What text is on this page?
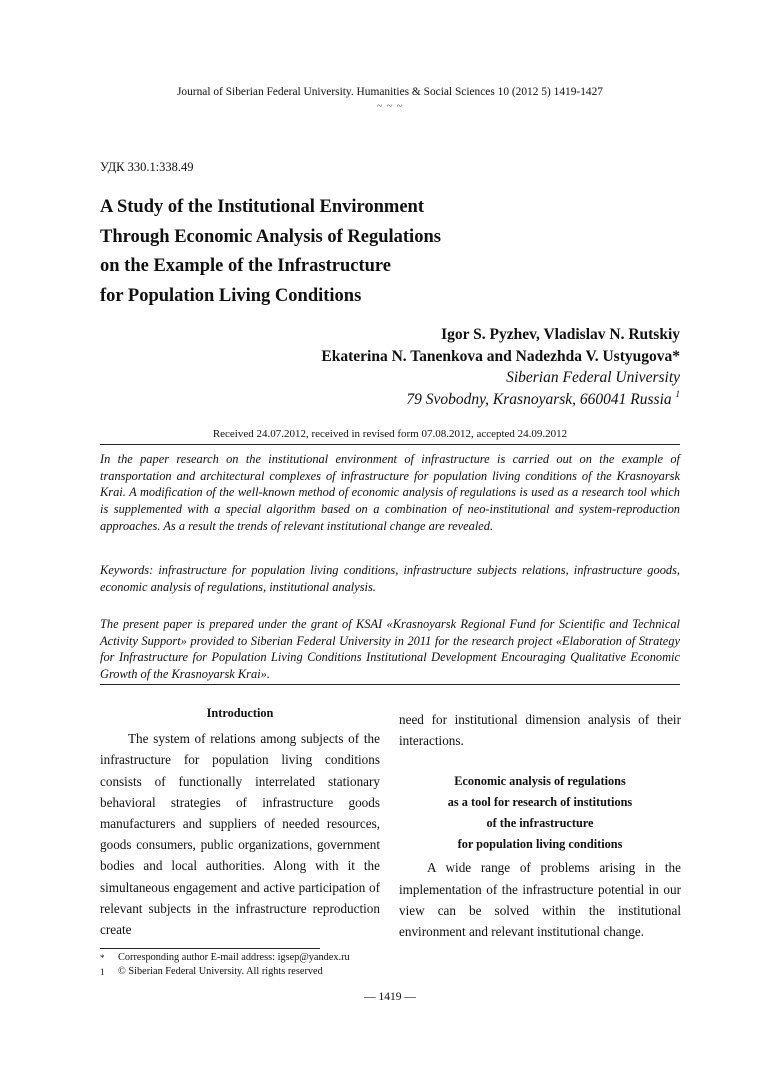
Journal of Siberian Federal University. Humanities & Social Sciences 10 (2012 5) 1419-1427
~ ~ ~
УДК 330.1:338.49
A Study of the Institutional Environment
Through Economic Analysis of Regulations
on the Example of the Infrastructure
for Population Living Conditions
Igor S. Pyzhev, Vladislav N. Rutskiy
Ekaterina N. Tanenkova and Nadezhda V. Ustyugova*
Siberian Federal University
79 Svobodny, Krasnoyarsk, 660041 Russia $^1$
Received 24.07.2012, received in revised form 07.08.2012, accepted 24.09.2012
In the paper research on the institutional environment of infrastructure is carried out on the example of transportation and architectural complexes of infrastructure for population living conditions of the Krasnoyarsk Krai. A modification of the well-known method of economic analysis of regulations is used as a research tool which is supplemented with a special algorithm based on a combination of neo-institutional and system-reproduction approaches. As a result the trends of relevant institutional change are revealed.
Keywords: infrastructure for population living conditions, infrastructure subjects relations, infrastructure goods, economic analysis of regulations, institutional analysis.
The present paper is prepared under the grant of KSAI «Krasnoyarsk Regional Fund for Scientific and Technical Activity Support» provided to Siberian Federal University in 2011 for the research project «Elaboration of Strategy for Infrastructure for Population Living Conditions Institutional Development Encouraging Qualitative Economic Growth of the Krasnoyarsk Krai».
Introduction

The system of relations among subjects of the infrastructure for population living conditions consists of functionally interrelated stationary behavioral strategies of infrastructure goods manufacturers and suppliers of needed resources, goods consumers, public organizations, government bodies and local authorities. Along with it the simultaneous engagement and active participation of relevant subjects in the infrastructure reproduction create

need for institutional dimension analysis of their interactions.

Economic analysis of regulations
as a tool for research of institutions
of the infrastructure
for population living conditions

A wide range of problems arising in the implementation of the infrastructure potential in our view can be solved within the institutional environment and relevant institutional change.

*	Corresponding author E-mail address: igsep@yandex.ru
1	© Siberian Federal University. All rights reserved
— 1419 —
